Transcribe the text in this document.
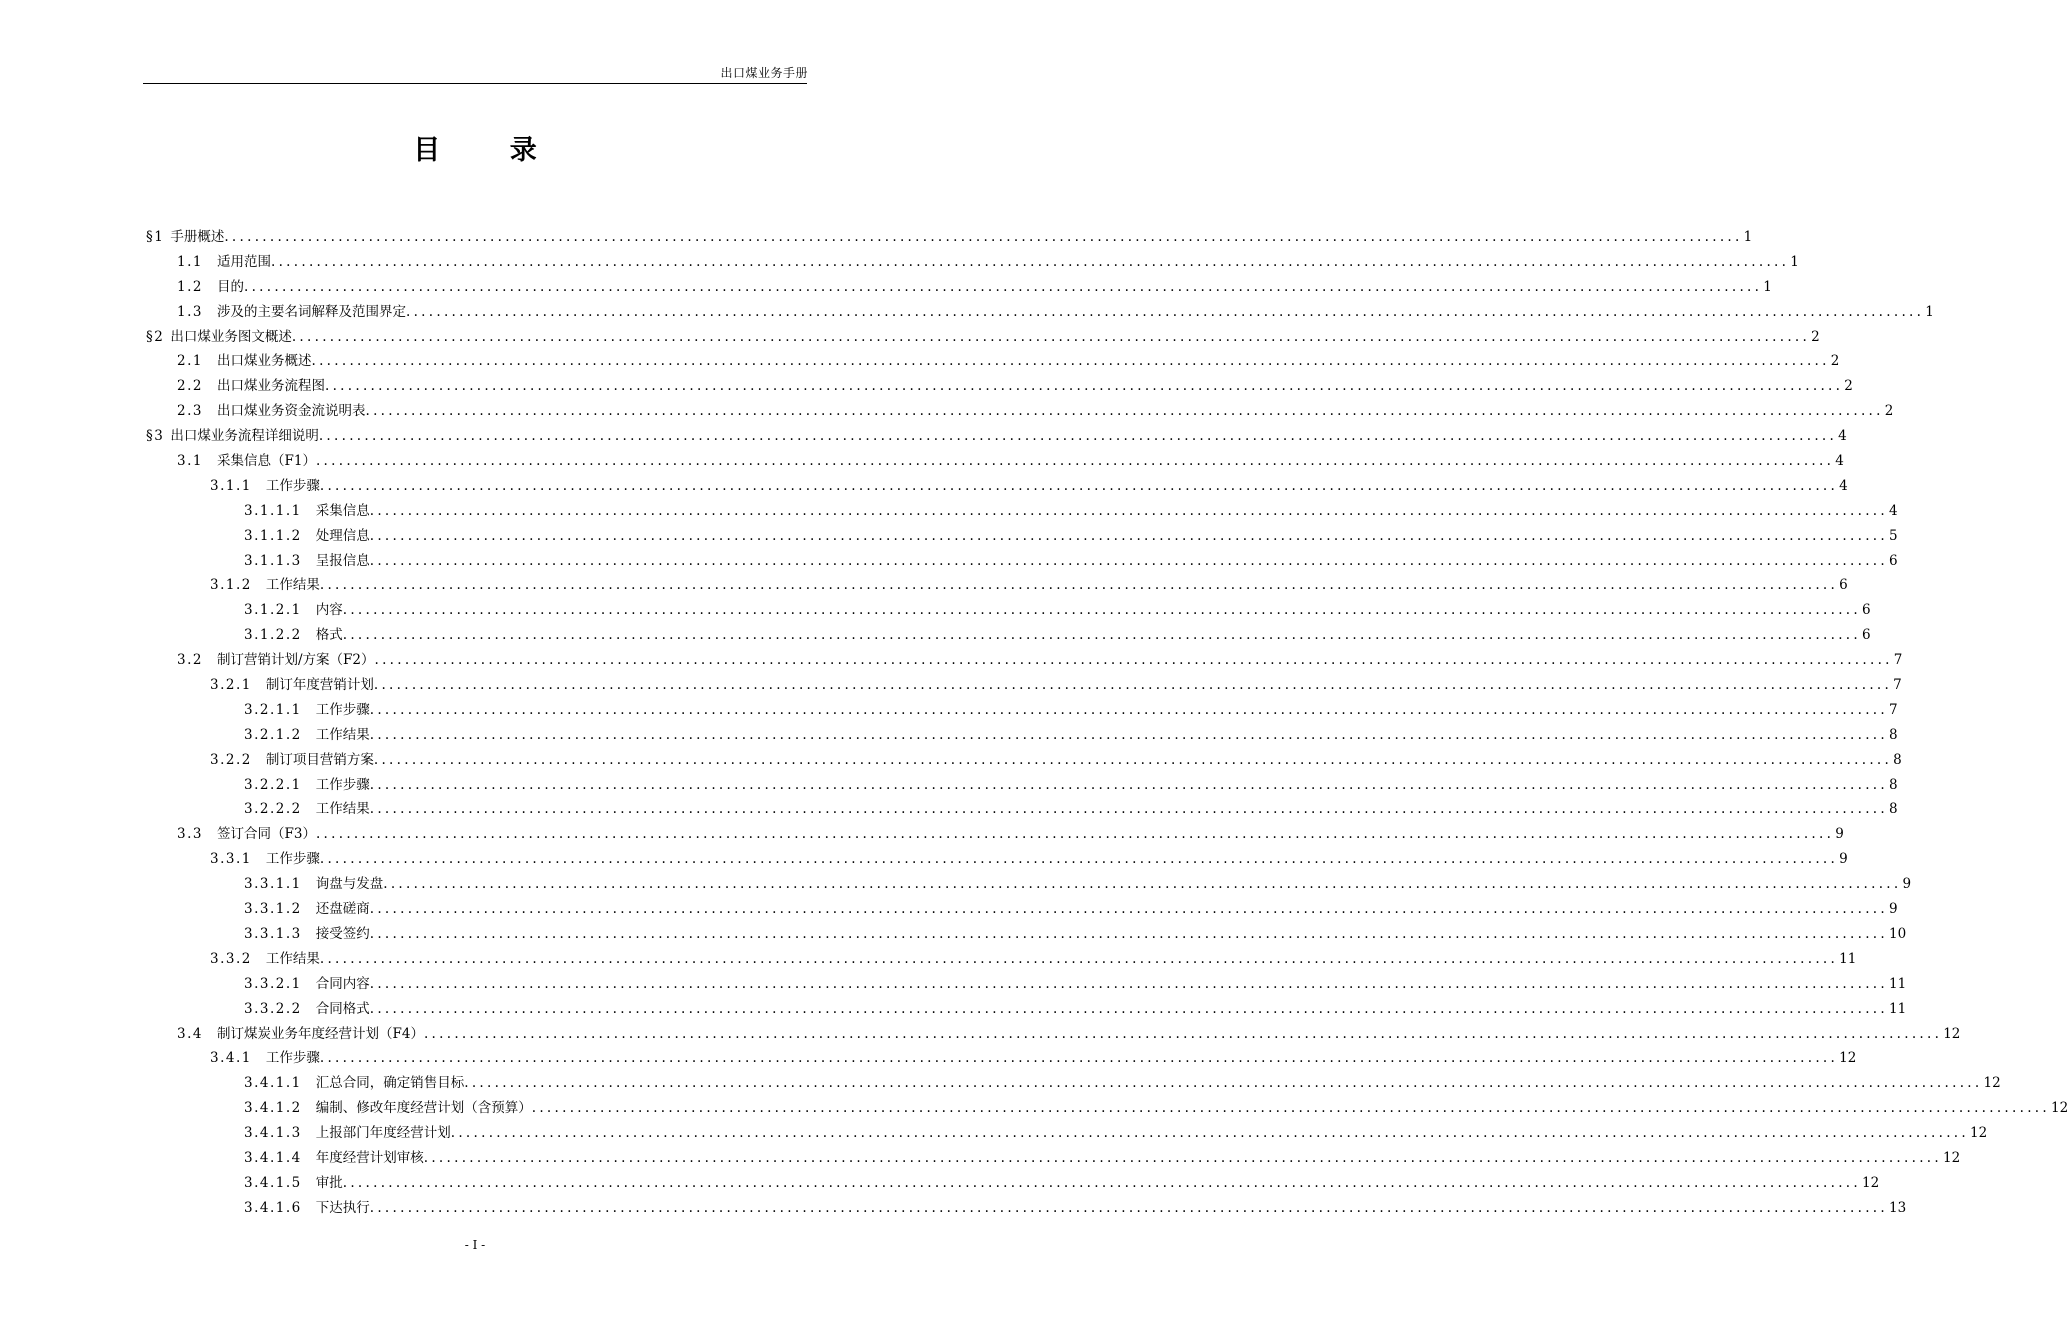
出口煤业务手册
目 录
§1 手册概述 ........................................................................................................................................................................................................ 1
1.1 适用范围 ........................................................................................................................................................................................................ 1
1.2 目的 ........................................................................................................................................................................................................ 1
1.3 涉及的主要名词解释及范围界定 ........................................................................................................................................................................................................ 1
§2 出口煤业务图文概述 ........................................................................................................................................................................................................ 2
2.1 出口煤业务概述 ........................................................................................................................................................................................................ 2
2.2 出口煤业务流程图 ........................................................................................................................................................................................................ 2
2.3 出口煤业务资金流说明表 ........................................................................................................................................................................................................ 2
§3 出口煤业务流程详细说明 ........................................................................................................................................................................................................ 4
3.1 采集信息（F1） ........................................................................................................................................................................................................ 4
3.1.1 工作步骤 ........................................................................................................................................................................................................ 4
3.1.1.1 采集信息 ........................................................................................................................................................................................................ 4
3.1.1.2 处理信息 ........................................................................................................................................................................................................ 5
3.1.1.3 呈报信息 ........................................................................................................................................................................................................ 6
3.1.2 工作结果 ........................................................................................................................................................................................................ 6
3.1.2.1 内容 ........................................................................................................................................................................................................ 6
3.1.2.2 格式 ........................................................................................................................................................................................................ 6
3.2 制订营销计划/方案（F2） ........................................................................................................................................................................................................ 7
3.2.1 制订年度营销计划 ........................................................................................................................................................................................................ 7
3.2.1.1 工作步骤 ........................................................................................................................................................................................................ 7
3.2.1.2 工作结果 ........................................................................................................................................................................................................ 8
3.2.2 制订项目营销方案 ........................................................................................................................................................................................................ 8
3.2.2.1 工作步骤 ........................................................................................................................................................................................................ 8
3.2.2.2 工作结果 ........................................................................................................................................................................................................ 8
3.3 签订合同（F3） ........................................................................................................................................................................................................ 9
3.3.1 工作步骤 ........................................................................................................................................................................................................ 9
3.3.1.1 询盘与发盘 ........................................................................................................................................................................................................ 9
3.3.1.2 还盘磋商 ........................................................................................................................................................................................................ 9
3.3.1.3 接受签约 ........................................................................................................................................................................................................ 10
3.3.2 工作结果 ........................................................................................................................................................................................................ 11
3.3.2.1 合同内容 ........................................................................................................................................................................................................ 11
3.3.2.2 合同格式 ........................................................................................................................................................................................................ 11
3.4 制订煤炭业务年度经营计划（F4） ........................................................................................................................................................................................................ 12
3.4.1 工作步骤 ........................................................................................................................................................................................................ 12
3.4.1.1 汇总合同，确定销售目标 ........................................................................................................................................................................................................ 12
3.4.1.2 编制、修改年度经营计划（含预算） ........................................................................................................................................................................................................ 12
3.4.1.3 上报部门年度经营计划 ........................................................................................................................................................................................................ 12
3.4.1.4 年度经营计划审核 ........................................................................................................................................................................................................ 12
3.4.1.5 审批 ........................................................................................................................................................................................................ 12
3.4.1.6 下达执行 ........................................................................................................................................................................................................ 13
- I -
